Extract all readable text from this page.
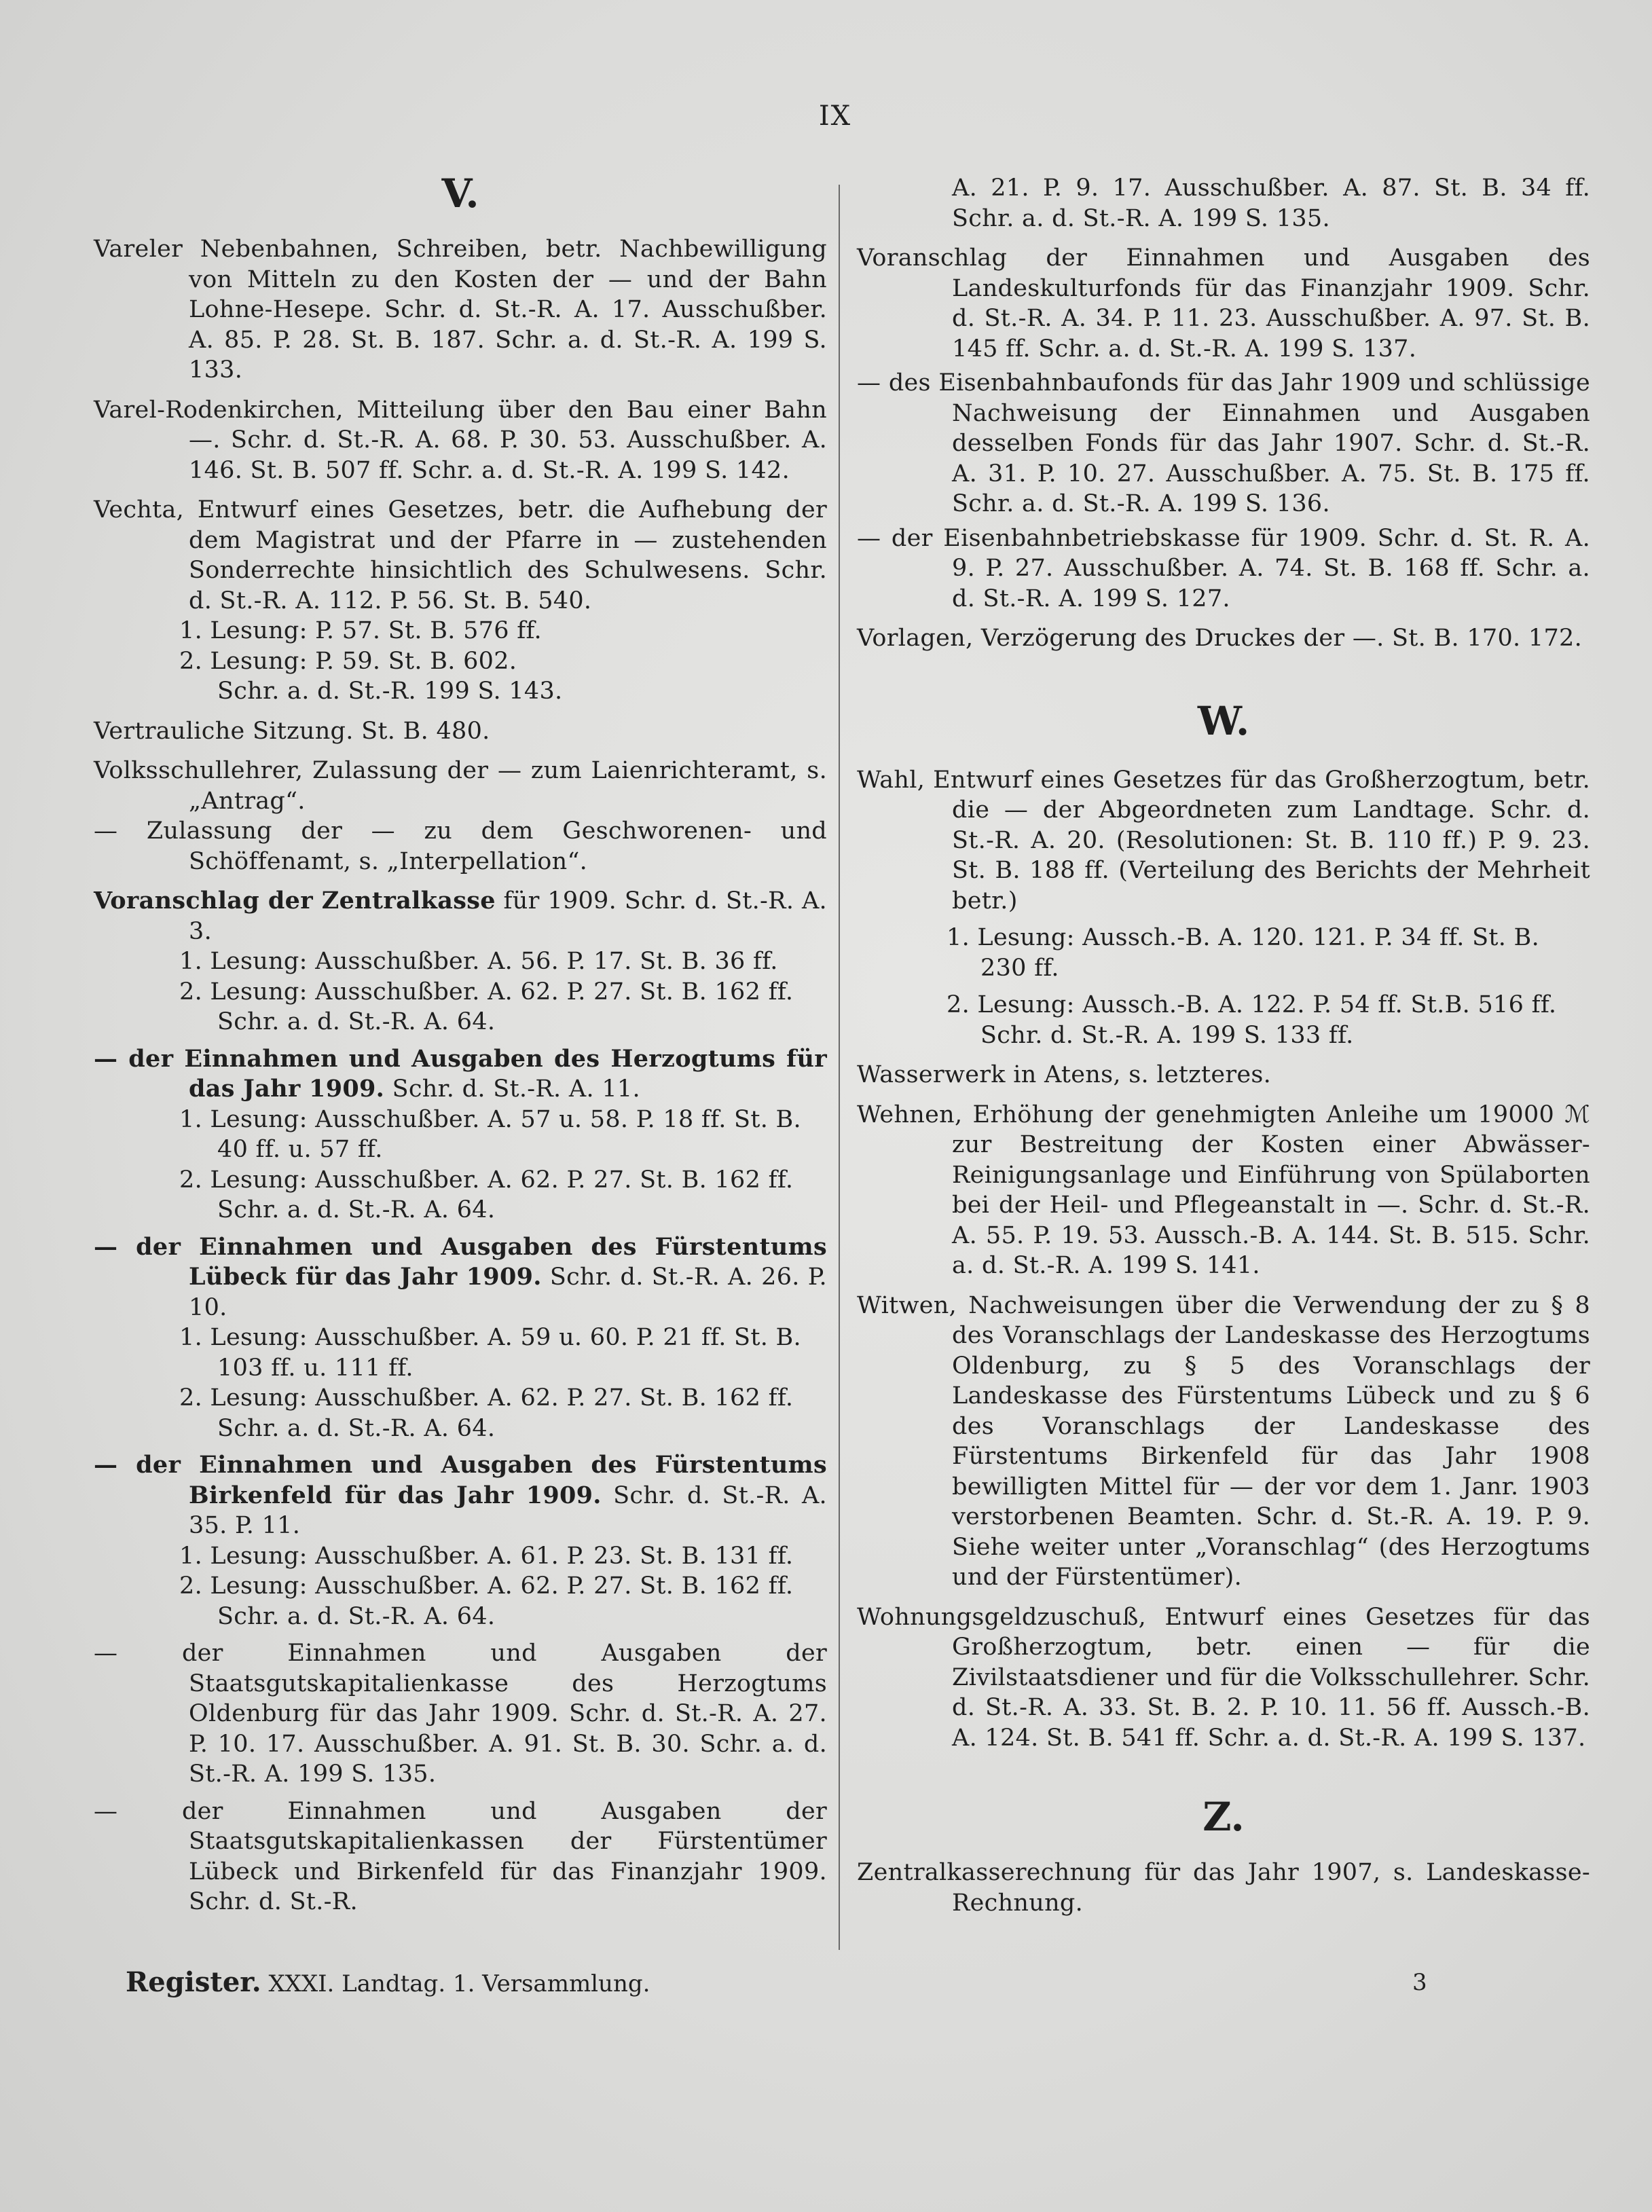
IX
V.

Vareler Nebenbahnen, Schreiben, betr. Nachbewilligung von Mitteln zu den Kosten der — und der Bahn Lohne-Hesepe. Schr. d. St.-R. A. 17. Ausschußber. A. 85. P. 28. St. B. 187. Schr. a. d. St.-R. A. 199 S. 133.

Varel-Rodenkirchen, Mitteilung über den Bau einer Bahn —. Schr. d. St.-R. A. 68. P. 30. 53. Ausschußber. A. 146. St. B. 507 ff. Schr. a. d. St.-R. A. 199 S. 142.

Vechta, Entwurf eines Gesetzes, betr. die Aufhebung der dem Magistrat und der Pfarre in — zustehenden Sonderrechte hinsichtlich des Schulwesens. Schr. d. St.-R. A. 112. P. 56. St. B. 540.

1. Lesung: P. 57. St. B. 576 ff.

2. Lesung: P. 59. St. B. 602.

Schr. a. d. St.-R. 199 S. 143.

Vertrauliche Sitzung. St. B. 480.

Volksschullehrer, Zulassung der — zum Laienrichteramt, s. „Antrag“.

— Zulassung der — zu dem Geschworenen- und Schöffenamt, s. „Interpellation“.

Voranschlag der Zentralkasse für 1909. Schr. d. St.-R. A. 3.

1. Lesung: Ausschußber. A. 56. P. 17. St. B. 36 ff.

2. Lesung: Ausschußber. A. 62. P. 27. St. B. 162 ff. Schr. a. d. St.-R. A. 64.

— der Einnahmen und Ausgaben des Herzogtums für das Jahr 1909. Schr. d. St.-R. A. 11.

1. Lesung: Ausschußber. A. 57 u. 58. P. 18 ff. St. B. 40 ff. u. 57 ff.

2. Lesung: Ausschußber. A. 62. P. 27. St. B. 162 ff. Schr. a. d. St.-R. A. 64.

— der Einnahmen und Ausgaben des Fürstentums Lübeck für das Jahr 1909. Schr. d. St.-R. A. 26. P. 10.

1. Lesung: Ausschußber. A. 59 u. 60. P. 21 ff. St. B. 103 ff. u. 111 ff.

2. Lesung: Ausschußber. A. 62. P. 27. St. B. 162 ff. Schr. a. d. St.-R. A. 64.

— der Einnahmen und Ausgaben des Fürstentums Birkenfeld für das Jahr 1909. Schr. d. St.-R. A. 35. P. 11.

1. Lesung: Ausschußber. A. 61. P. 23. St. B. 131 ff.

2. Lesung: Ausschußber. A. 62. P. 27. St. B. 162 ff. Schr. a. d. St.-R. A. 64.

— der Einnahmen und Ausgaben der Staatsgutskapitalienkasse des Herzogtums Oldenburg für das Jahr 1909. Schr. d. St.-R. A. 27. P. 10. 17. Ausschußber. A. 91. St. B. 30. Schr. a. d. St.-R. A. 199 S. 135.

— der Einnahmen und Ausgaben der Staatsgutskapitalienkassen der Fürstentümer Lübeck und Birkenfeld für das Finanzjahr 1909. Schr. d. St.-R.

A. 21. P. 9. 17. Ausschußber. A. 87. St. B. 34 ff. Schr. a. d. St.-R. A. 199 S. 135.

Voranschlag der Einnahmen und Ausgaben des Landeskulturfonds für das Finanzjahr 1909. Schr. d. St.-R. A. 34. P. 11. 23. Ausschußber. A. 97. St. B. 145 ff. Schr. a. d. St.-R. A. 199 S. 137.

— des Eisenbahnbaufonds für das Jahr 1909 und schlüssige Nachweisung der Einnahmen und Ausgaben desselben Fonds für das Jahr 1907. Schr. d. St.-R. A. 31. P. 10. 27. Ausschußber. A. 75. St. B. 175 ff. Schr. a. d. St.-R. A. 199 S. 136.

— der Eisenbahnbetriebskasse für 1909. Schr. d. St. R. A. 9. P. 27. Ausschußber. A. 74. St. B. 168 ff. Schr. a. d. St.-R. A. 199 S. 127.

Vorlagen, Verzögerung des Druckes der —. St. B. 170. 172.

W.

Wahl, Entwurf eines Gesetzes für das Großherzogtum, betr. die — der Abgeordneten zum Landtage. Schr. d. St.-R. A. 20. (Resolutionen: St. B. 110 ff.) P. 9. 23. St. B. 188 ff. (Verteilung des Berichts der Mehrheit betr.)

1. Lesung: Aussch.-B. A. 120. 121. P. 34 ff. St. B. 230 ff.

2. Lesung: Aussch.-B. A. 122. P. 54 ff. St.B. 516 ff. Schr. d. St.-R. A. 199 S. 133 ff.

Wasserwerk in Atens, s. letzteres.

Wehnen, Erhöhung der genehmigten Anleihe um 19000 ℳ zur Bestreitung der Kosten einer Abwässer-Reinigungsanlage und Einführung von Spülaborten bei der Heil- und Pflegeanstalt in —. Schr. d. St.-R. A. 55. P. 19. 53. Aussch.-B. A. 144. St. B. 515. Schr. a. d. St.-R. A. 199 S. 141.

Witwen, Nachweisungen über die Verwendung der zu § 8 des Voranschlags der Landeskasse des Herzogtums Oldenburg, zu § 5 des Voranschlags der Landeskasse des Fürstentums Lübeck und zu § 6 des Voranschlags der Landeskasse des Fürstentums Birkenfeld für das Jahr 1908 bewilligten Mittel für — der vor dem 1. Janr. 1903 verstorbenen Beamten. Schr. d. St.-R. A. 19. P. 9. Siehe weiter unter „Voranschlag“ (des Herzogtums und der Fürstentümer).

Wohnungsgeldzuschuß, Entwurf eines Gesetzes für das Großherzogtum, betr. einen — für die Zivilstaatsdiener und für die Volksschullehrer. Schr. d. St.-R. A. 33. St. B. 2. P. 10. 11. 56 ff. Aussch.-B. A. 124. St. B. 541 ff. Schr. a. d. St.-R. A. 199 S. 137.

Z.

Zentralkasserechnung für das Jahr 1907, s. Landeskasse-Rechnung.

Register. XXXI. Landtag. 1. Versammlung.	3
